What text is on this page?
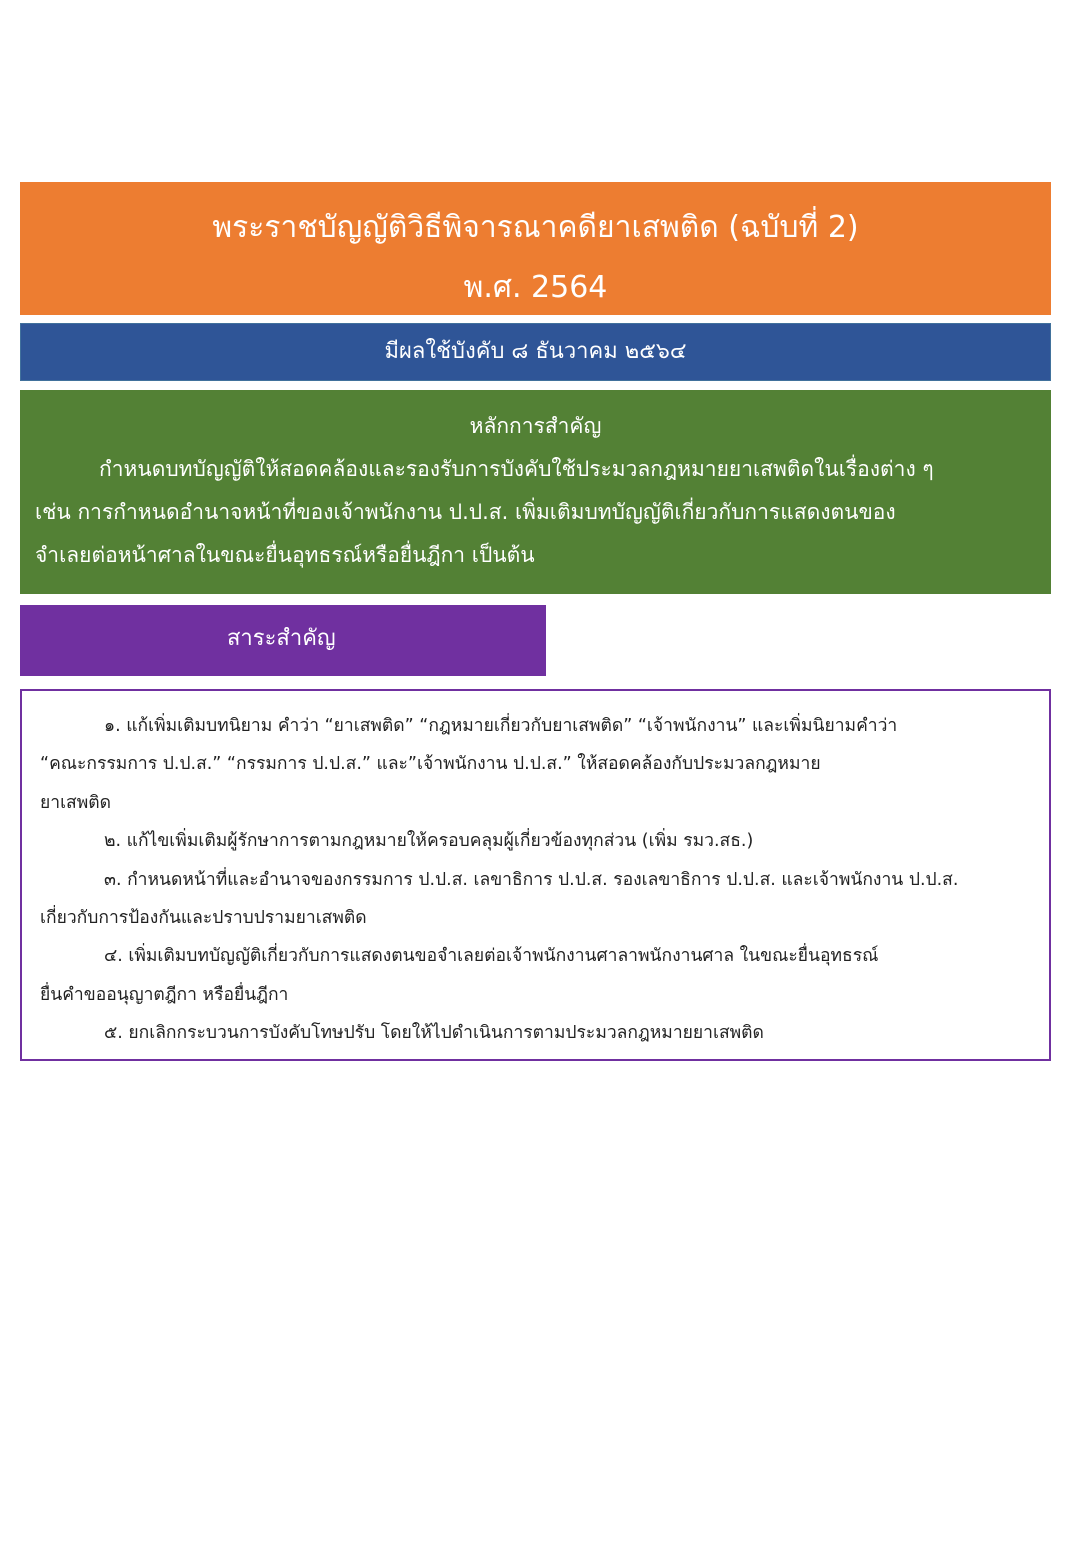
พระราชบัญญัติวิธีพิจารณาคดียาเสพติด (ฉบับที่ 2)
พ.ศ. 2564
มีผลใช้บังคับ ๘ ธันวาคม ๒๕๖๔
หลักการสำคัญ
กำหนดบทบัญญัติให้สอดคล้องและรองรับการบังคับใช้ประมวลกฎหมายยาเสพติดในเรื่องต่าง ๆ
เช่น การกำหนดอำนาจหน้าที่ของเจ้าพนักงาน ป.ป.ส. เพิ่มเติมบทบัญญัติเกี่ยวกับการแสดงตนของ
จำเลยต่อหน้าศาลในขณะยื่นอุทธรณ์หรือยื่นฎีกา เป็นต้น
สาระสำคัญ
๑. แก้เพิ่มเติมบทนิยาม คำว่า “ยาเสพติด” “กฎหมายเกี่ยวกับยาเสพติด” “เจ้าพนักงาน” และเพิ่มนิยามคำว่า
“คณะกรรมการ ป.ป.ส.” “กรรมการ ป.ป.ส.” และ”เจ้าพนักงาน ป.ป.ส.” ให้สอดคล้องกับประมวลกฎหมาย
ยาเสพติด
๒. แก้ไขเพิ่มเติมผู้รักษาการตามกฎหมายให้ครอบคลุมผู้เกี่ยวข้องทุกส่วน (เพิ่ม รมว.สธ.)
๓. กำหนดหน้าที่และอำนาจของกรรมการ ป.ป.ส. เลขาธิการ ป.ป.ส. รองเลขาธิการ ป.ป.ส. และเจ้าพนักงาน ป.ป.ส.
เกี่ยวกับการป้องกันและปราบปรามยาเสพติด
๔. เพิ่มเติมบทบัญญัติเกี่ยวกับการแสดงตนขอจำเลยต่อเจ้าพนักงานศาลาพนักงานศาล ในขณะยื่นอุทธรณ์
ยื่นคำขออนุญาตฎีกา หรือยื่นฎีกา
๕. ยกเลิกกระบวนการบังคับโทษปรับ โดยให้ไปดำเนินการตามประมวลกฎหมายยาเสพติด
